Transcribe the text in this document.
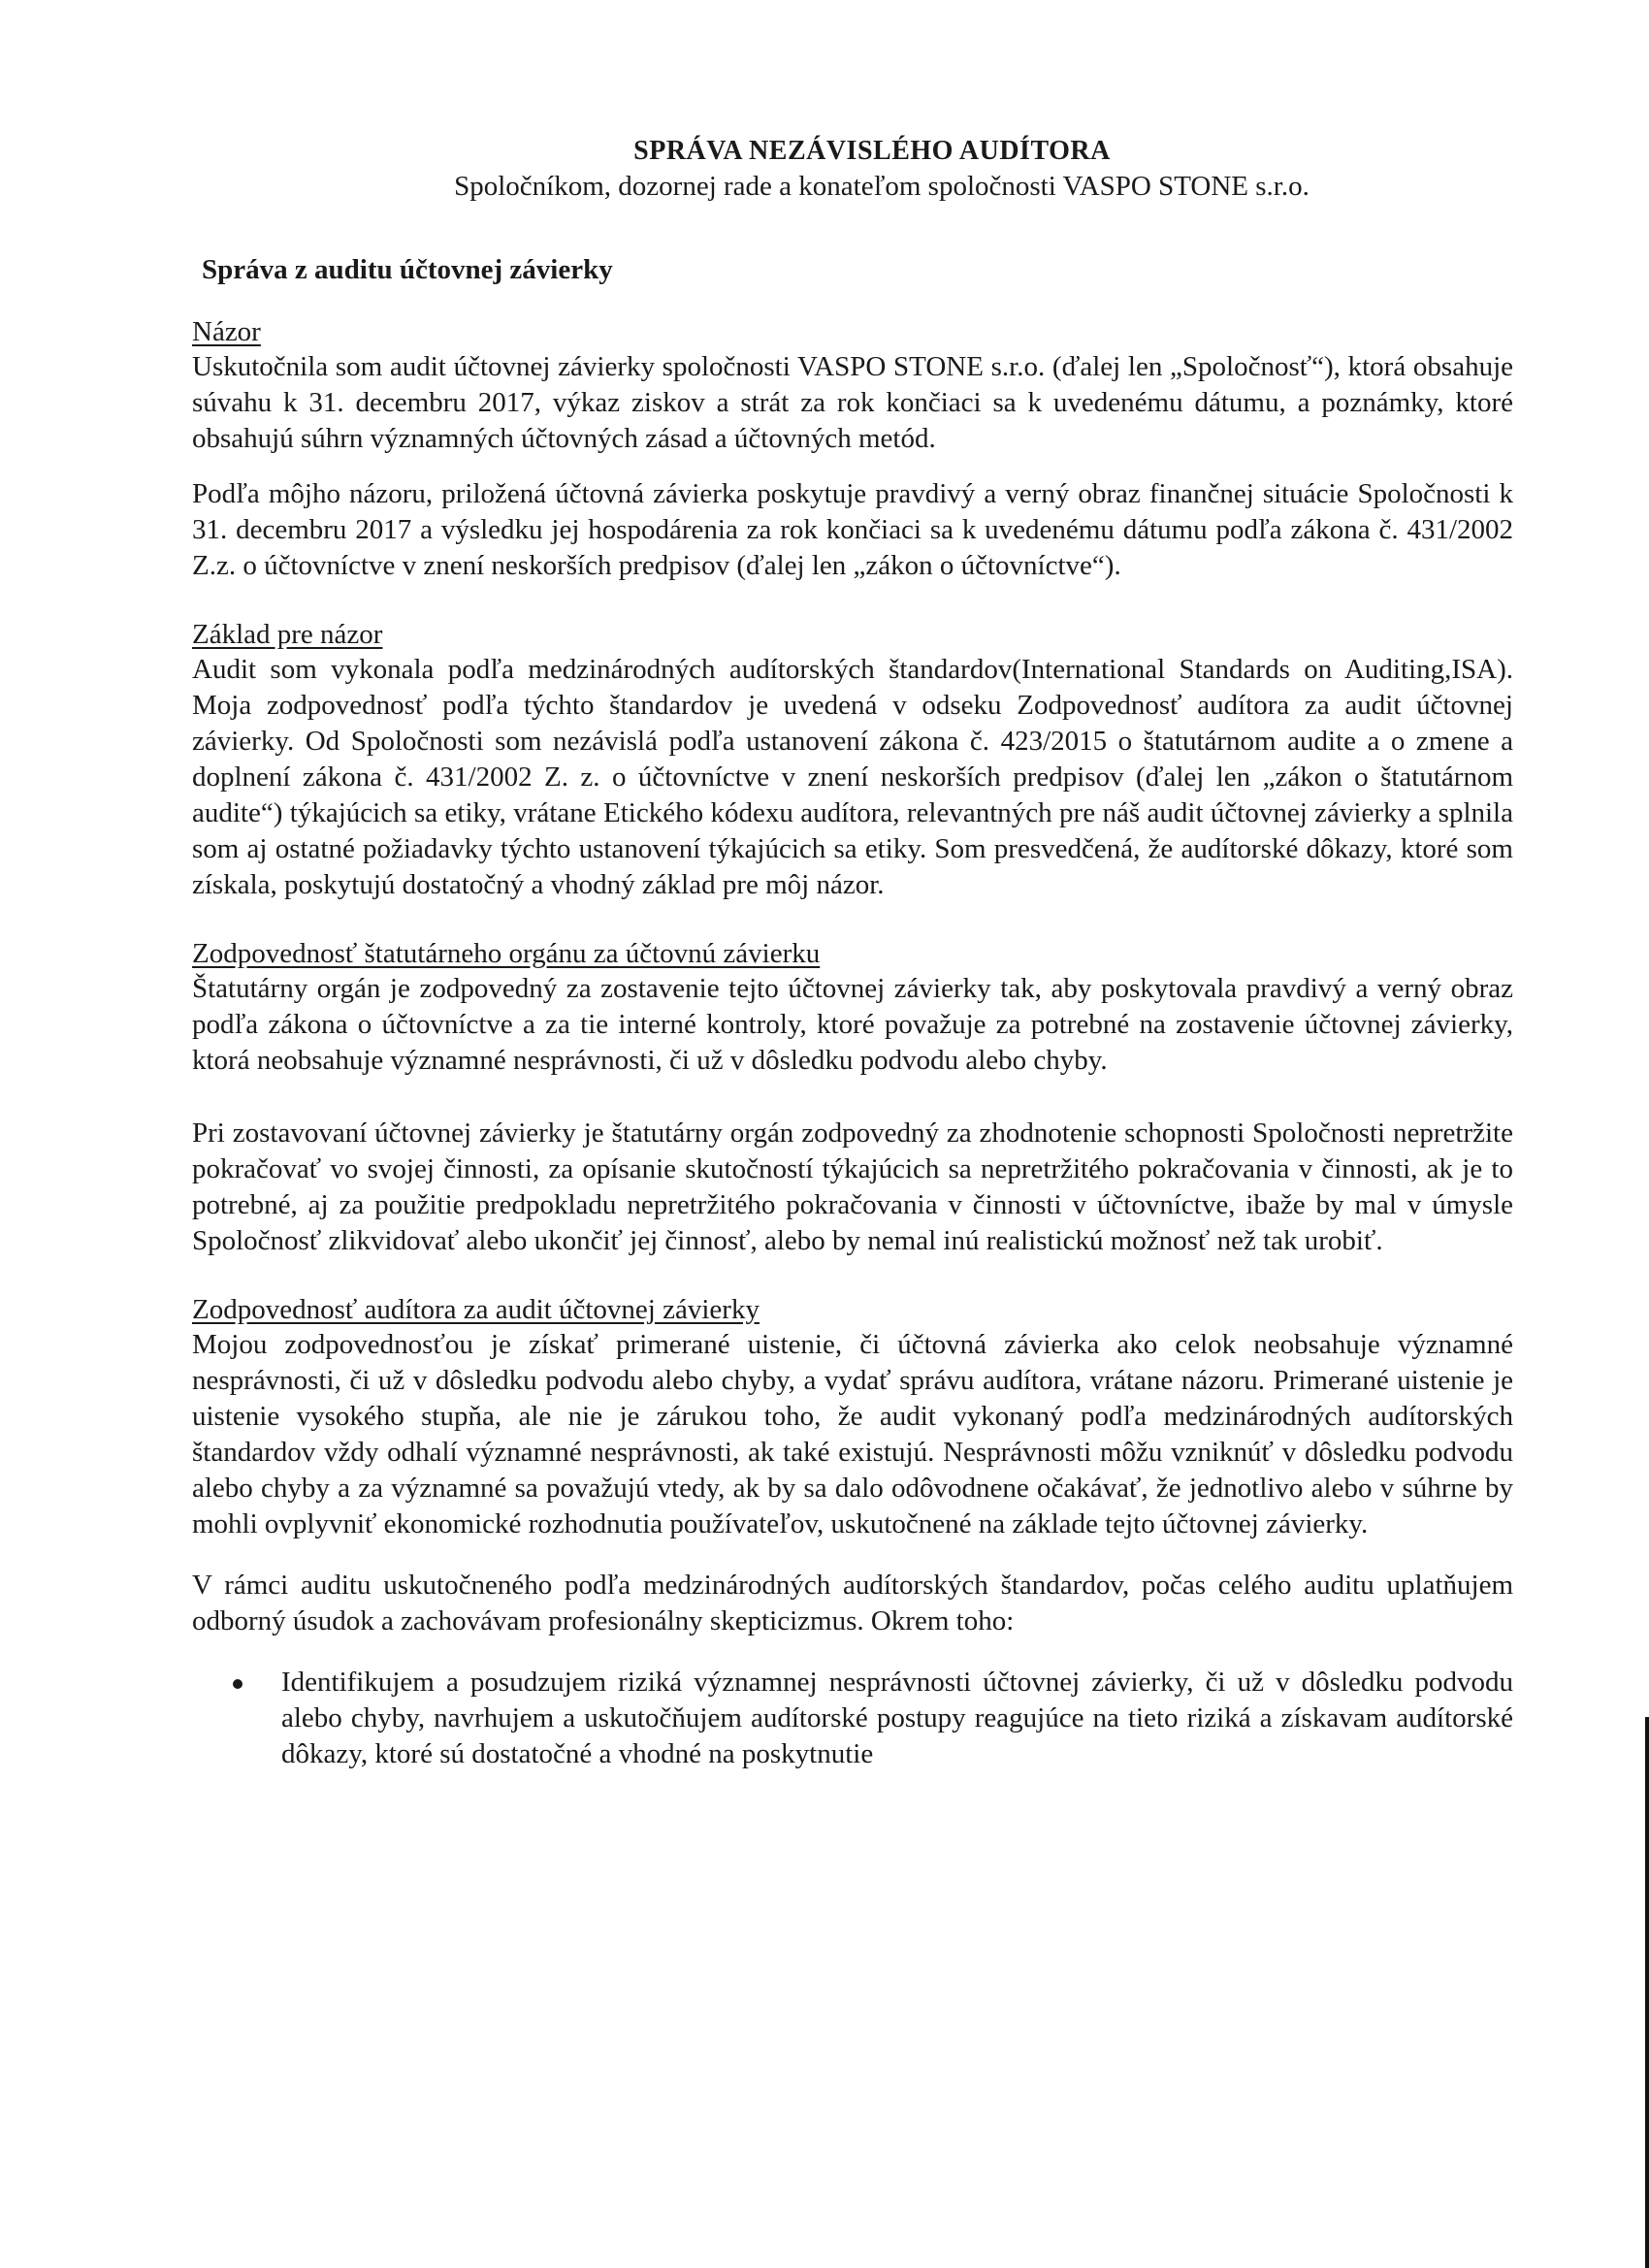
SPRÁVA NEZÁVISLÉHO AUDÍTORA
Spoločníkom, dozornej rade a konateľom spoločnosti VASPO STONE s.r.o.
Správa z auditu účtovnej závierky
Názor

Uskutočnila som audit účtovnej závierky spoločnosti VASPO STONE s.r.o. (ďalej len „Spoločnosť“), ktorá obsahuje súvahu k 31. decembru 2017, výkaz ziskov a strát za rok končiaci sa k uvedenému dátumu, a poznámky, ktoré obsahujú súhrn významných účtovných zásad a účtovných metód.

Podľa môjho názoru, priložená účtovná závierka poskytuje pravdivý a verný obraz finančnej situácie Spoločnosti k 31. decembru 2017 a výsledku jej hospodárenia za rok končiaci sa k uvedenému dátumu podľa zákona č. 431/2002 Z.z. o účtovníctve v znení neskorších predpisov (ďalej len „zákon o účtovníctve“).

Základ pre názor

Audit som vykonala podľa medzinárodných audítorských štandardov(International Standards on Auditing,ISA). Moja zodpovednosť podľa týchto štandardov je uvedená v odseku Zodpovednosť audítora za audit účtovnej závierky. Od Spoločnosti som nezávislá podľa ustanovení zákona č. 423/2015 o štatutárnom audite a o zmene a doplnení zákona č. 431/2002 Z. z. o účtovníctve v znení neskorších predpisov (ďalej len „zákon o štatutárnom audite“) týkajúcich sa etiky, vrátane Etického kódexu audítora, relevantných pre náš audit účtovnej závierky a splnila som aj ostatné požiadavky týchto ustanovení týkajúcich sa etiky. Som presvedčená, že audítorské dôkazy, ktoré som získala, poskytujú dostatočný a vhodný základ pre môj názor.

Zodpovednosť štatutárneho orgánu za účtovnú závierku

Štatutárny orgán je zodpovedný za zostavenie tejto účtovnej závierky tak, aby poskytovala pravdivý a verný obraz podľa zákona o účtovníctve a za tie interné kontroly, ktoré považuje za potrebné na zostavenie účtovnej závierky, ktorá neobsahuje významné nesprávnosti, či už v dôsledku podvodu alebo chyby.

Pri zostavovaní účtovnej závierky je štatutárny orgán zodpovedný za zhodnotenie schopnosti Spoločnosti nepretržite pokračovať vo svojej činnosti, za opísanie skutočností týkajúcich sa nepretržitého pokračovania v činnosti, ak je to potrebné, aj za použitie predpokladu nepretržitého pokračovania v činnosti v účtovníctve, ibaže by mal v úmysle Spoločnosť zlikvidovať alebo ukončiť jej činnosť, alebo by nemal inú realistickú možnosť než tak urobiť.

Zodpovednosť audítora za audit účtovnej závierky

Mojou zodpovednosťou je získať primerané uistenie, či účtovná závierka ako celok neobsahuje významné nesprávnosti, či už v dôsledku podvodu alebo chyby, a vydať správu audítora, vrátane názoru. Primerané uistenie je uistenie vysokého stupňa, ale nie je zárukou toho, že audit vykonaný podľa medzinárodných audítorských štandardov vždy odhalí významné nesprávnosti, ak také existujú. Nesprávnosti môžu vzniknúť v dôsledku podvodu alebo chyby a za významné sa považujú vtedy, ak by sa dalo odôvodnene očakávať, že jednotlivo alebo v súhrne by mohli ovplyvniť ekonomické rozhodnutia používateľov, uskutočnené na základe tejto účtovnej závierky.

V rámci auditu uskutočneného podľa medzinárodných audítorských štandardov, počas celého auditu uplatňujem odborný úsudok a zachovávam profesionálny skepticizmus. Okrem toho:

Identifikujem a posudzujem riziká významnej nesprávnosti účtovnej závierky, či už v dôsledku podvodu alebo chyby, navrhujem a uskutočňujem audítorské postupy reagujúce na tieto riziká a získavam audítorské dôkazy, ktoré sú dostatočné a vhodné na poskytnutie
